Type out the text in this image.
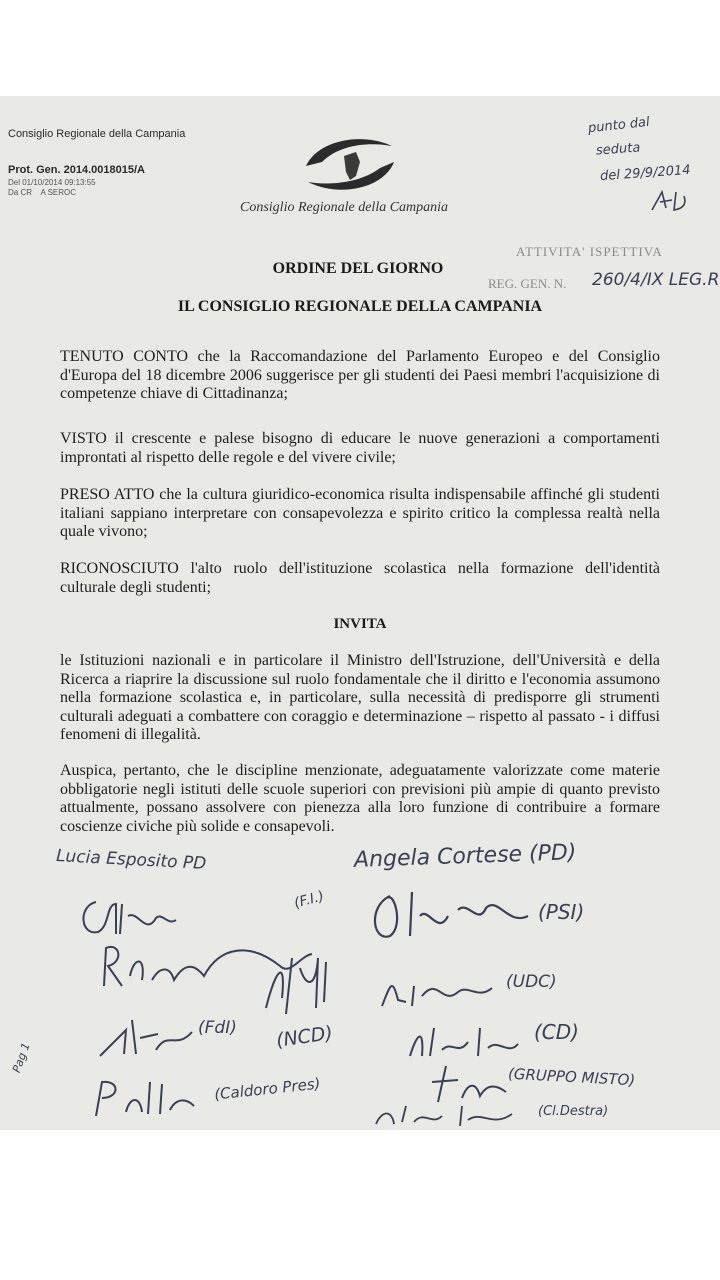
Consiglio Regionale della Campania
Prot. Gen. 2014.0018015/A
Del 01/10/2014 09:13:55
Da CR    A SEROC
Consiglio Regionale della Campania
punto dal
seduta
del 29/9/2014
ATTIVITA' ISPETTIVA
REG. GEN. N. 260/4/IX LEG.R
ORDINE DEL GIORNO
IL CONSIGLIO REGIONALE DELLA CAMPANIA
TENUTO CONTO che la Raccomandazione del Parlamento Europeo e del Consiglio d'Europa del 18 dicembre 2006 suggerisce per gli studenti dei Paesi membri l'acquisizione di competenze chiave di Cittadinanza;
VISTO il crescente e palese bisogno di educare le nuove generazioni a comportamenti improntati al rispetto delle regole e del vivere civile;
PRESO ATTO che la cultura giuridico-economica risulta indispensabile affinché gli studenti italiani sappiano interpretare con consapevolezza e spirito critico la complessa realtà nella quale vivono;
RICONOSCIUTO l'alto ruolo dell'istituzione scolastica nella formazione dell'identità culturale degli studenti;
INVITA
le Istituzioni nazionali e in particolare il Ministro dell'Istruzione, dell'Università e della Ricerca a riaprire la discussione sul ruolo fondamentale che il diritto e l'economia assumono nella formazione scolastica e, in particolare, sulla necessità di predisporre gli strumenti culturali adeguati a combattere con coraggio e determinazione – rispetto al passato - i diffusi fenomeni di illegalità.
Auspica, pertanto, che le discipline menzionate, adeguatamente valorizzate come materie obbligatorie negli istituti delle scuole superiori con previsioni più ampie di quanto previsto attualmente, possano assolvere con pienezza alla loro funzione di contribuire a formare coscienze civiche più solide e consapevoli.
Lucia Esposito PD	Angela Cortese (PD)
(F.I.)	(PSI)
(UDC)
(FdI) (NCD)	(CD)
(GRUPPO MISTO)
(Caldoro Pres)
(Cl.Destra)
Pag 1
